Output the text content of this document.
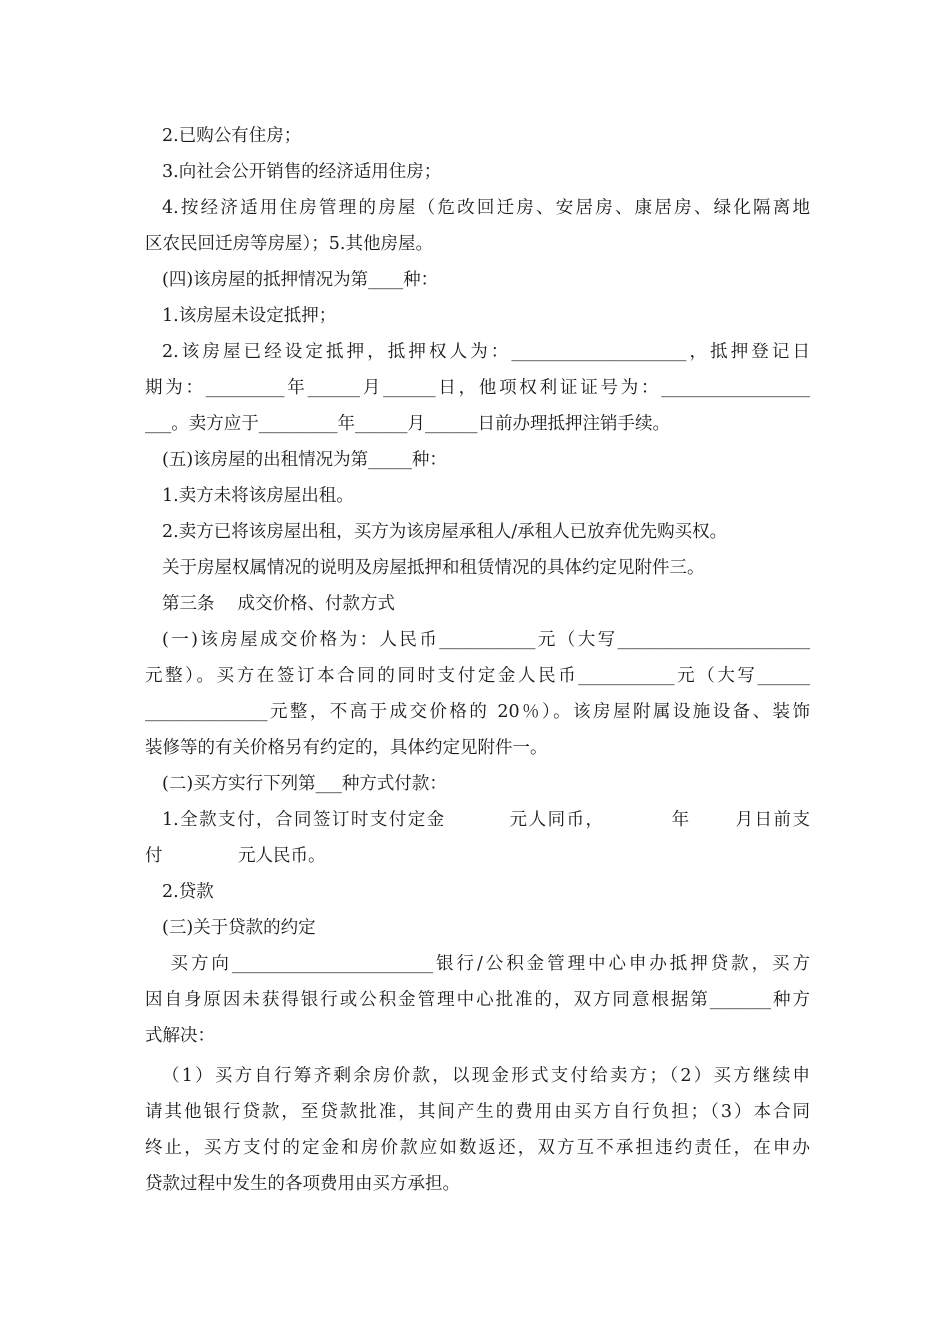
2.已购公有住房；
3.向社会公开销售的经济适用住房；
4.按经济适用住房管理的房屋（危改回迁房、安居房、康居房、绿化隔离地
区农民回迁房等房屋）；5.其他房屋。
(四)该房屋的抵押情况为第____种：
1.该房屋未设定抵押；
2.该房屋已经设定抵押，抵押权人为：____________________，抵押登记日
期为：_________年______月______日，他项权利证证号为：_________________
___。卖方应于_________年______月______日前办理抵押注销手续。
(五)该房屋的出租情况为第_____种：
1.卖方未将该房屋出租。
2.卖方已将该房屋出租，买方为该房屋承租人/承租人已放弃优先购买权。
关于房屋权属情况的说明及房屋抵押和租赁情况的具体约定见附件三。
第三条　 成交价格、付款方式
(一)该房屋成交价格为：人民币___________元（大写______________________
元整）。买方在签订本合同的同时支付定金人民币___________元（大写______
______________元整，不高于成交价格的 20％）。该房屋附属设施设备、装饰
装修等的有关价格另有约定的，具体约定见附件一。
(二)买方实行下列第___种方式付款：
1.全款支付，合同签订时支付定金　　　 元人同币，　　　　年　　 月日前支
付　　　　 元人民币。
2.贷款
(三)关于贷款的约定
买方向_______________________银行/公积金管理中心申办抵押贷款，买方
因自身原因未获得银行或公积金管理中心批准的，双方同意根据第_______种方
式解决：
（1）买方自行筹齐剩余房价款，以现金形式支付给卖方；（2）买方继续申
请其他银行贷款，至贷款批准，其间产生的费用由买方自行负担；（3）本合同
终止，买方支付的定金和房价款应如数返还，双方互不承担违约责任，在申办
贷款过程中发生的各项费用由买方承担。
